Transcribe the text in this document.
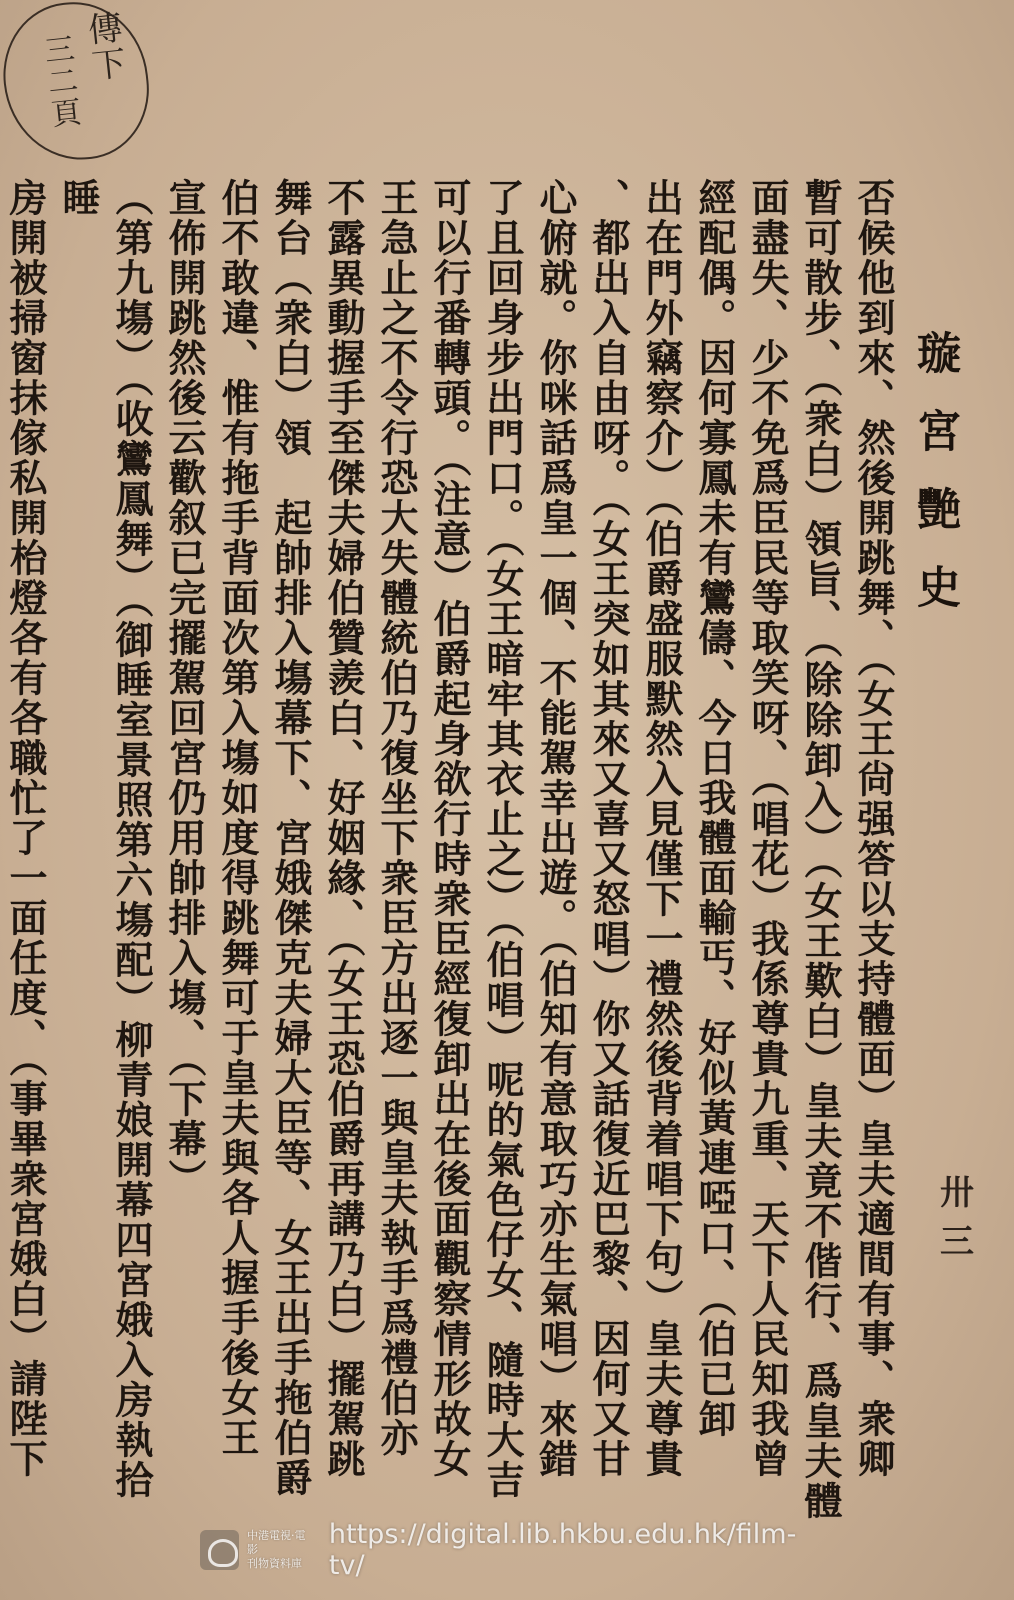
傳下
三二頁
璇宮艷史
卅三
否候他到來、然後開跳舞、（女王尙强答以支持體面）皇夫適間有事、衆卿
暫可散步、（衆白）領旨、（除除卸入）（女王歎白）皇夫竟不偕行、爲皇夫體
面盡失、少不免爲臣民等取笑呀、（唱花）我係尊貴九重、天下人民知我曾
經配偶。因何寡鳳未有鸞儔、今日我體面輸丐、好似黃連啞口、（伯已卸
出在門外竊察介）（伯爵盛服默然入見僅下一禮然後背着唱下句）皇夫尊貴
、都出入自由呀。（女王突如其來又喜又怒唱）你又話復近巴黎、因何又甘
心俯就。你咪話爲皇一個、不能駕幸出遊。（伯知有意取巧亦生氣唱）來錯
了且回身步出門口。（女王暗牢其衣止之）（伯唱）呢的氣色仔女、隨時大吉
可以行番轉頭。（注意）伯爵起身欲行時衆臣經復卸出在後面觀察情形故女
王急止之不令行恐大失體統伯乃復坐下衆臣方出逐一與皇夫執手爲禮伯亦
不露異動握手至傑夫婦伯贊羨白、好姻緣、（女王恐伯爵再講乃白）擺駕跳
舞台（衆白）領　起帥排入塲幕下、宮娥傑克夫婦大臣等、女王出手拖伯爵
伯不敢違、惟有拖手背面次第入塲如度得跳舞可于皇夫與各人握手後女王
宣佈開跳然後云歡叙已完擺駕回宮仍用帥排入塲、（下幕）
（第九塲）（收鸞鳳舞）（御睡室景照第六塲配）柳青娘開幕四宮娥入房執拾睡
房開被掃窗抹傢私開枱燈各有各職忙了一面任度、（事畢衆宮娥白）請陛下
中港電視·電影
刊物資料庫
https://digital.lib.hkbu.edu.hk/film-tv/
